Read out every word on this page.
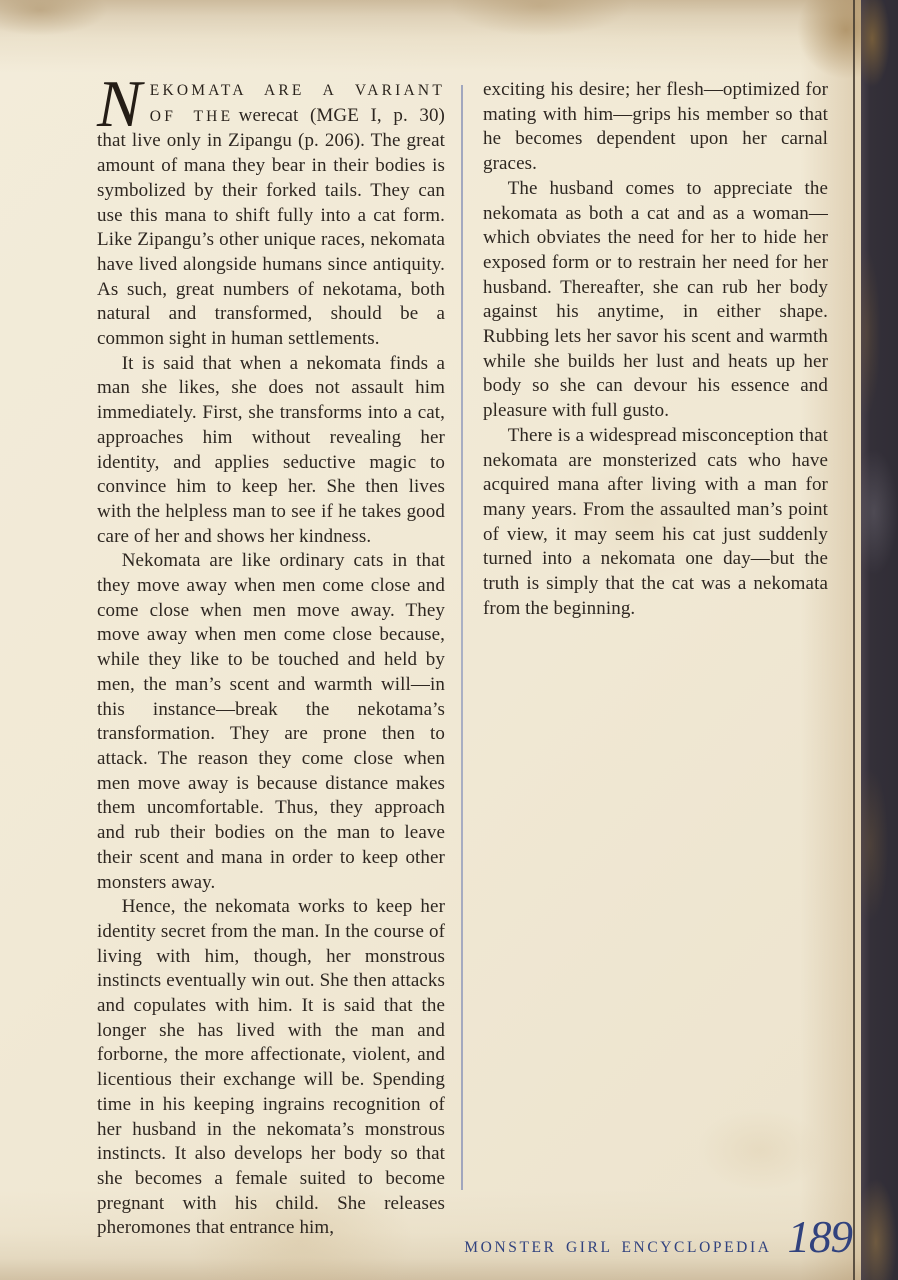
NEKOMATA ARE A VARIANT OF THE werecat (MGE I, p. 30) that live only in Zipangu (p. 206). The great amount of mana they bear in their bodies is symbolized by their forked tails. They can use this mana to shift fully into a cat form. Like Zipangu’s other unique races, nekomata have lived alongside humans since antiquity. As such, great numbers of nekotama, both natural and transformed, should be a common sight in human settlements.

It is said that when a nekomata finds a man she likes, she does not assault him immediately. First, she transforms into a cat, approaches him without revealing her identity, and applies seductive magic to convince him to keep her. She then lives with the helpless man to see if he takes good care of her and shows her kindness.

Nekomata are like ordinary cats in that they move away when men come close and come close when men move away. They move away when men come close because, while they like to be touched and held by men, the man’s scent and warmth will—in this instance—break the nekotama’s transformation. They are prone then to attack. The reason they come close when men move away is because distance makes them uncomfortable. Thus, they approach and rub their bodies on the man to leave their scent and mana in order to keep other monsters away.

Hence, the nekomata works to keep her identity secret from the man. In the course of living with him, though, her monstrous instincts eventually win out. She then attacks and copulates with him. It is said that the longer she has lived with the man and forborne, the more affectionate, violent, and licentious their exchange will be. Spending time in his keeping ingrains recognition of her husband in the nekomata’s monstrous instincts. It also develops her body so that she becomes a female suited to become pregnant with his child. She releases pheromones that entrance him,

exciting his desire; her flesh—optimized for mating with him—grips his member so that he becomes dependent upon her carnal graces.

The husband comes to appreciate the nekomata as both a cat and as a woman—which obviates the need for her to hide her exposed form or to restrain her need for her husband. Thereafter, she can rub her body against his anytime, in either shape. Rubbing lets her savor his scent and warmth while she builds her lust and heats up her body so she can devour his essence and pleasure with full gusto.

There is a widespread misconception that nekomata are monsterized cats who have acquired mana after living with a man for many years. From the assaulted man’s point of view, it may seem his cat just suddenly turned into a nekomata one day—but the truth is simply that the cat was a nekomata from the beginning.

MONSTER GIRL ENCYCLOPEDIA 189
